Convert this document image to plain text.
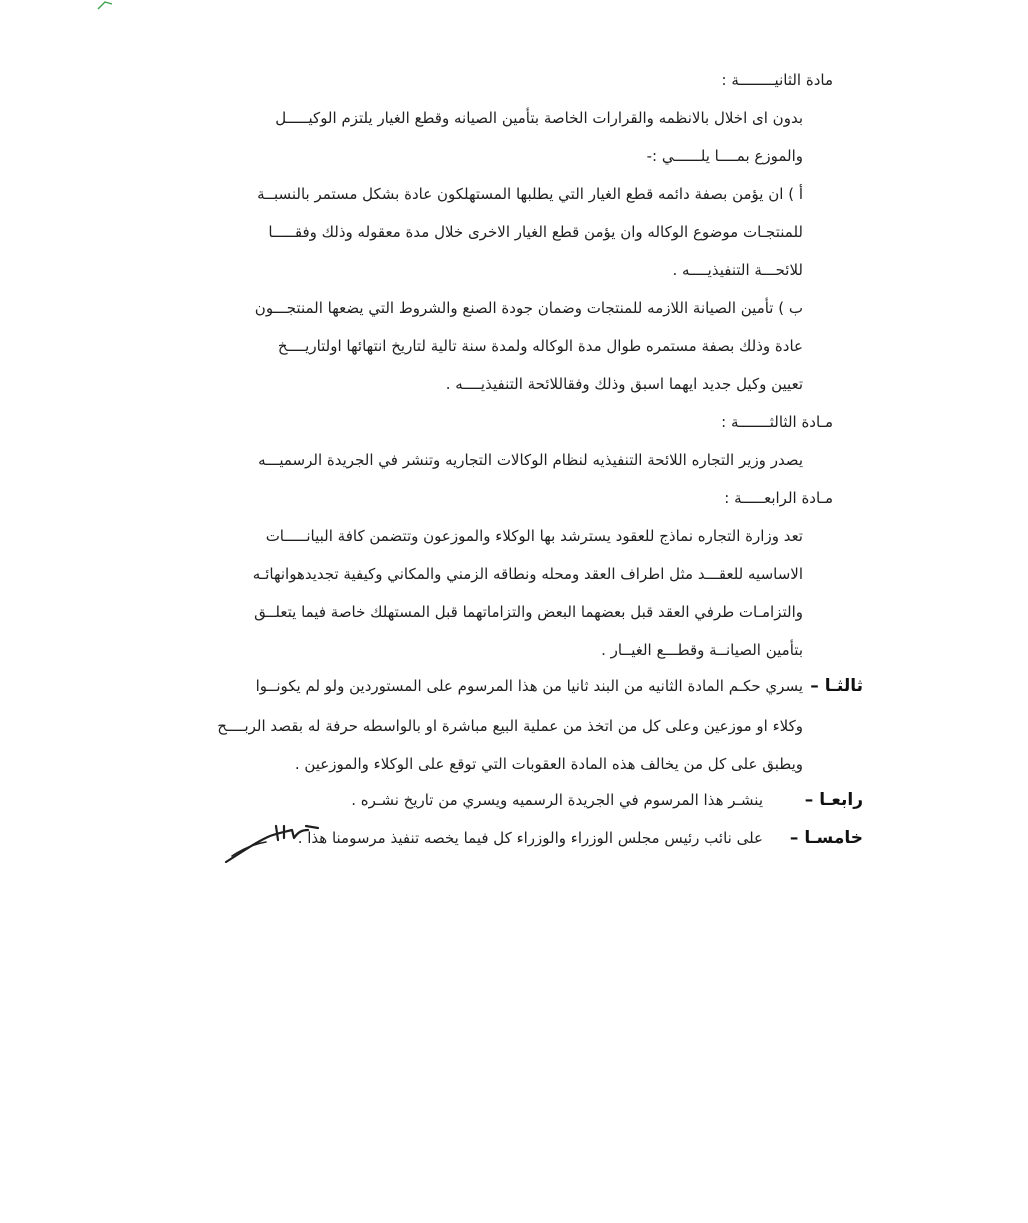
مادة الثانيــــــــة :
بدون اى اخلال بالانظمه والقرارات الخاصة بتأمين الصيانه وقطع الغيار يلتزم الوكيـــــل
والموزع بمــــا يلــــــي :-
أ ) ان يؤمن بصفة دائمه قطع الغيار التي يطلبها المستهلكون عادة بشكل مستمر بالنسبــة
للمنتجـات موضوع الوكاله وان يؤمن قطع الغيار الاخرى خلال مدة معقوله وذلك وفقـــــا
للائحـــة التنفيذيــــه .
ب ) تأمين الصيانة اللازمه للمنتجات وضمان جودة الصنع والشروط التي يضعها المنتجـــون
عادة وذلك بصفة مستمره طوال مدة الوكاله ولمدة سنة تالية لتاريخ انتهائها اولتاريــــخ
تعيين وكيل جديد ايهما اسبق وذلك وفقاللائحة التنفيذيــــه .
مـادة الثالثـــــــة :
يصدر وزير التجاره اللائحة التنفيذيه لنظام الوكالات التجاريه وتنشر في الجريدة الرسميـــه
مـادة الرابعـــــة :
تعد وزارة التجاره نماذج للعقود يسترشد بها الوكلاء والموزعون وتتضمن كافة البيانـــــات
الاساسيه للعقـــد مثل اطراف العقد ومحله ونطاقه الزمني والمكاني وكيفية تجديدهوانهائـه
والتزامـات طرفي العقد قبل بعضهما البعض والتزاماتهما قبل المستهلك خاصة فيما يتعلــق
بتأمين الصيانــة وقطـــع الغيــار .
ثالثـا –
يسري حكـم المادة الثانيه من البند ثانيا من هذا المرسوم على المستوردين ولو لم يكونــوا
وكلاء او موزعين وعلى كل من اتخذ من عملية البيع مباشرة او بالواسطه حرفة له بقصد الربــــح
ويطبق على كل من يخالف هذه المادة العقوبات التي توقع على الوكلاء والموزعين .
رابعـا –
ينشـر هذا المرسوم في الجريدة الرسميه ويسري من تاريخ نشـره .
خامسـا –
على نائب رئيس مجلس الوزراء والوزراء كل فيما يخصه تنفيذ مرسومنا هذا .
